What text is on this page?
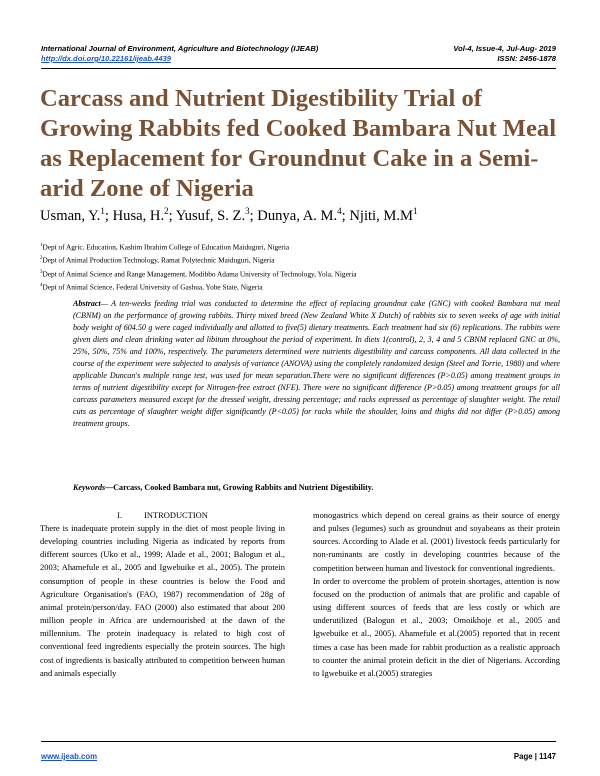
International Journal of Environment, Agriculture and Biotechnology (IJEAB)
http://dx.doi.org/10.22161/ijeab.4439
Vol-4, Issue-4, Jul-Aug- 2019
ISSN: 2456-1878
Carcass and Nutrient Digestibility Trial of Growing Rabbits fed Cooked Bambara Nut Meal as Replacement for Groundnut Cake in a Semi-arid Zone of Nigeria
Usman, Y.$^1$; Husa, H.$^2$; Yusuf, S. Z.$^3$; Dunya, A. M.$^4$; Njiti, $M.M^1$
$^1$Dept of Agric. Education, Kashim Ibrahim College of Education Maiduguri, Nigeria
$^2$Dept of Animal Production Technology, Ramat Polytechnic Maiduguri, Nigeria
$^3$Dept of Animal Science and Range Management, Modibbo Adama University of Technology, Yola, Nigeria
$^4$Dept of Animal Science, Federal University of Gashua, Yobe State, Nigeria
Abstract— A ten-weeks feeding trial was conducted to determine the effect of replacing groundnut cake (GNC) with cooked Bambara nut meal (CBNM) on the performance of growing rabbits. Thirty mixed breed (New Zealand White X Dutch) of rabbits six to seven weeks of age with initial body weight of 604.50 g were caged individually and allotted to five(5) dietary treatments. Each treatment had six (6) replications. The rabbits were given diets and clean drinking water ad libitum throughout the period of experiment. In diets 1(control), 2, 3, 4 and 5 CBNM replaced GNC at 0%, 25%, 50%, 75% and 100%, respectively. The parameters determined were nutrients digestibility and carcass components. All data collected in the course of the experiment were subjected to analysis of variance (ANOVA) using the completely randomized design (Steel and Torrie, 1980) and where applicable Duncan's multiple range test, was used for mean separation.There were no significant differences (P>0.05) among treatment groups in terms of nutrient digestibility except for Nitrogen-free extract (NFE). There were no significant difference (P>0.05) among treatment groups for all carcass parameters measured except for the dressed weight, dressing percentage; and racks expressed as percentage of slaughter weight. The retail cuts as percentage of slaughter weight differ significantly (P<0.05) for racks while the shoulder, loins and thighs did not differ (P>0.05) among treatment groups.
Keywords—Carcass, Cooked Bambara nut, Growing Rabbits and Nutrient Digestibility.
I.	INTRODUCTION
There is inadequate protein supply in the diet of most people living in developing countries including Nigeria as indicated by reports from different sources (Uko et al., 1999; Alade et al., 2001; Balogun et al., 2003; Ahamefule et al., 2005 and Igwebuike et al., 2005). The protein consumption of people in these countries is below the Food and Agriculture Organisation's (FAO, 1987) recommendation of 28g of animal protein/person/day. FAO (2000) also estimated that about 200 million people in Africa are undernourished at the dawn of the millennium. The protein inadequacy is related to high cost of conventional feed ingredients especially the protein sources. The high cost of ingredients is basically attributed to competition between human and animals especially
monogastrics which depend on cereal grains as their source of energy and pulses (legumes) such as groundnut and soyabeans as their protein sources. According to Alade et al. (2001) livestock feeds particularly for non-ruminants are costly in developing countries because of the competition between human and livestock for conventional ingredients.
In order to overcome the problem of protein shortages, attention is now focused on the production of animals that are prolific and capable of using different sources of feeds that are less costly or which are underutilized (Balogun et al., 2003; Omoikhoje et al., 2005 and Igwebuike et al., 2005). Ahamefule et al.(2005) reported that in recent times a case has been made for rabbit production as a realistic approach to counter the animal protein deficit in the diet of Nigerians. According to Igwebuike et al.(2005) strategies
www.ijeab.com	Page | 1147
